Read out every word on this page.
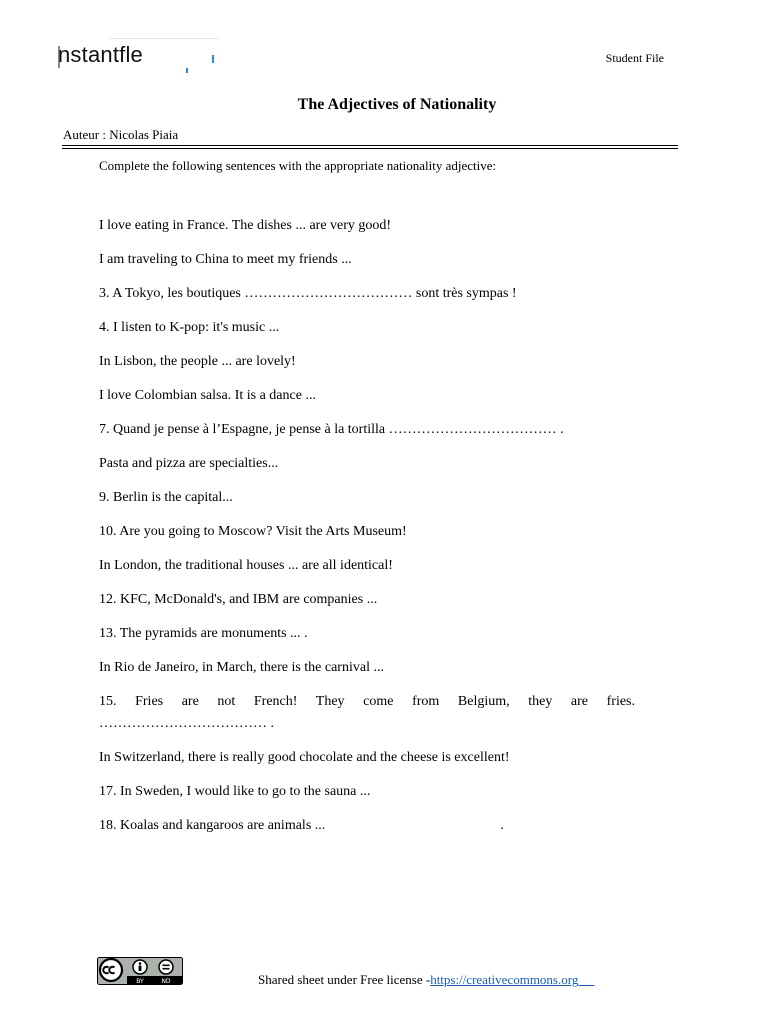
nstantfle	Student File
The Adjectives of Nationality
Auteur : Nicolas Piaia
Complete the following sentences with the appropriate nationality adjective:
I love eating in France. The dishes ... are very good!
I am traveling to China to meet my friends ...
3. A Tokyo, les boutiques ……………………………… sont très sympas !
4. I listen to K-pop: it's music ...
In Lisbon, the people ... are lovely!
I love Colombian salsa. It is a dance ...
7. Quand je pense à l’Espagne, je pense à la tortilla ……………………………… .
Pasta and pizza are specialties...
9. Berlin is the capital...
10. Are you going to Moscow? Visit the Arts Museum!
In London, the traditional houses ... are all identical!
12. KFC, McDonald's, and IBM are companies ...
13. The pyramids are monuments ... .
In Rio de Janeiro, in March, there is the carnival ...
15. Fries are not French! They come from Belgium, they are fries. ……………………………… .
In Switzerland, there is really good chocolate and the cheese is excellent!
17. In Sweden, I would like to go to the sauna ...
18. Koalas and kangaroos are animals ...                                                  .
BY	ND	Shared sheet under Free license -https://creativecommons.org
